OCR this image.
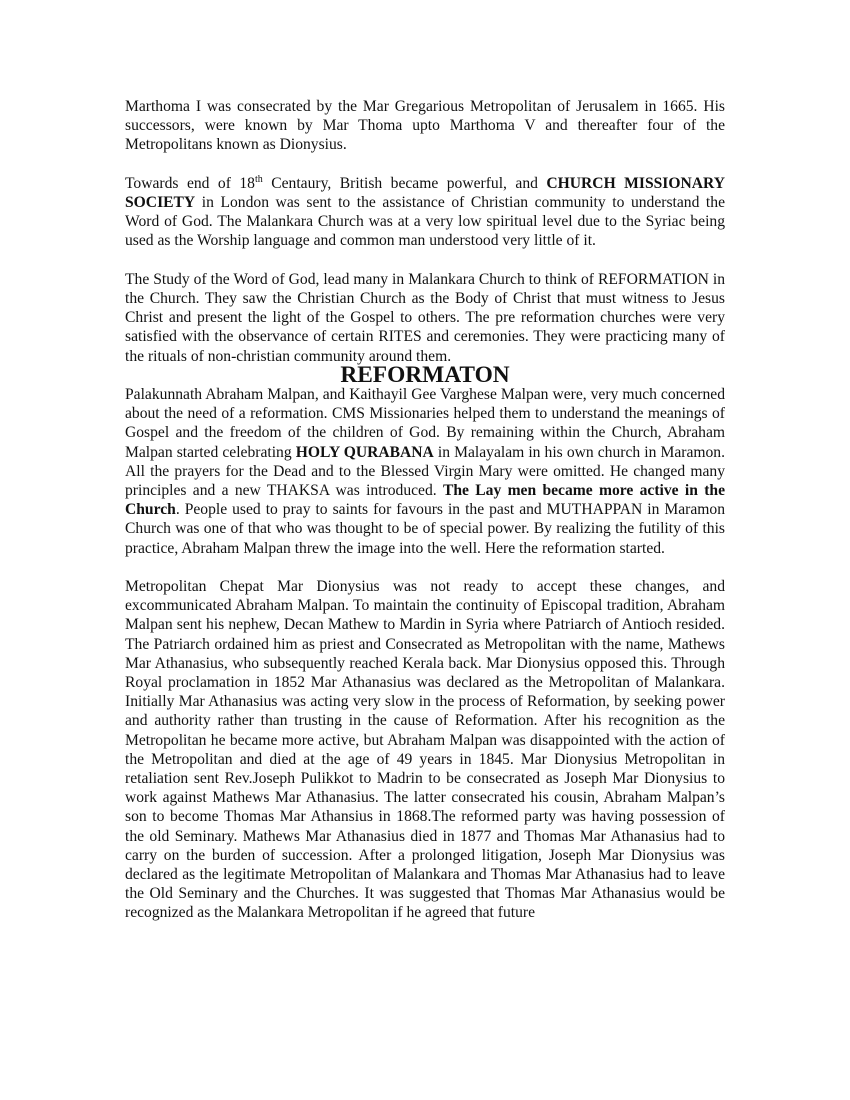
Marthoma I was consecrated by the Mar Gregarious Metropolitan of Jerusalem in 1665. His successors, were known by Mar Thoma upto Marthoma V and thereafter four of the Metropolitans known as Dionysius.

Towards end of 18th Centaury, British became powerful, and CHURCH MISSIONARY SOCIETY in London was sent to the assistance of Christian community to understand the Word of God. The Malankara Church was at a very low spiritual level due to the Syriac being used as the Worship language and common man understood very little of it.

The Study of the Word of God, lead many in Malankara Church to think of REFORMATION in the Church. They saw the Christian Church as the Body of Christ that must witness to Jesus Christ and present the light of the Gospel to others. The pre reformation churches were very satisfied with the observance of certain RITES and ceremonies. They were practicing many of the rituals of non-christian community around them.

REFORMATON

Palakunnath Abraham Malpan, and Kaithayil Gee Varghese Malpan were, very much concerned about the need of a reformation. CMS Missionaries helped them to understand the meanings of Gospel and the freedom of the children of God. By remaining within the Church, Abraham Malpan started celebrating HOLY QURABANA in Malayalam in his own church in Maramon. All the prayers for the Dead and to the Blessed Virgin Mary were omitted. He changed many principles and a new THAKSA was introduced. The Lay men became more active in the Church. People used to pray to saints for favours in the past and MUTHAPPAN in Maramon Church was one of that who was thought to be of special power. By realizing the futility of this practice, Abraham Malpan threw the image into the well. Here the reformation started.

Metropolitan Chepat Mar Dionysius was not ready to accept these changes, and excommunicated Abraham Malpan. To maintain the continuity of Episcopal tradition, Abraham Malpan sent his nephew, Decan Mathew to Mardin in Syria where Patriarch of Antioch resided. The Patriarch ordained him as priest and Consecrated as Metropolitan with the name, Mathews Mar Athanasius, who subsequently reached Kerala back. Mar Dionysius opposed this. Through Royal proclamation in 1852 Mar Athanasius was declared as the Metropolitan of Malankara. Initially Mar Athanasius was acting very slow in the process of Reformation, by seeking power and authority rather than trusting in the cause of Reformation. After his recognition as the Metropolitan he became more active, but Abraham Malpan was disappointed with the action of the Metropolitan and died at the age of 49 years in 1845. Mar Dionysius Metropolitan in retaliation sent Rev.Joseph Pulikkot to Madrin to be consecrated as Joseph Mar Dionysius to work against Mathews Mar Athanasius. The latter consecrated his cousin, Abraham Malpan’s son to become Thomas Mar Athansius in 1868.The reformed party was having possession of the old Seminary. Mathews Mar Athanasius died in 1877 and Thomas Mar Athanasius had to carry on the burden of succession. After a prolonged litigation, Joseph Mar Dionysius was declared as the legitimate Metropolitan of Malankara and Thomas Mar Athanasius had to leave the Old Seminary and the Churches. It was suggested that Thomas Mar Athanasius would be recognized as the Malankara Metropolitan if he agreed that future
